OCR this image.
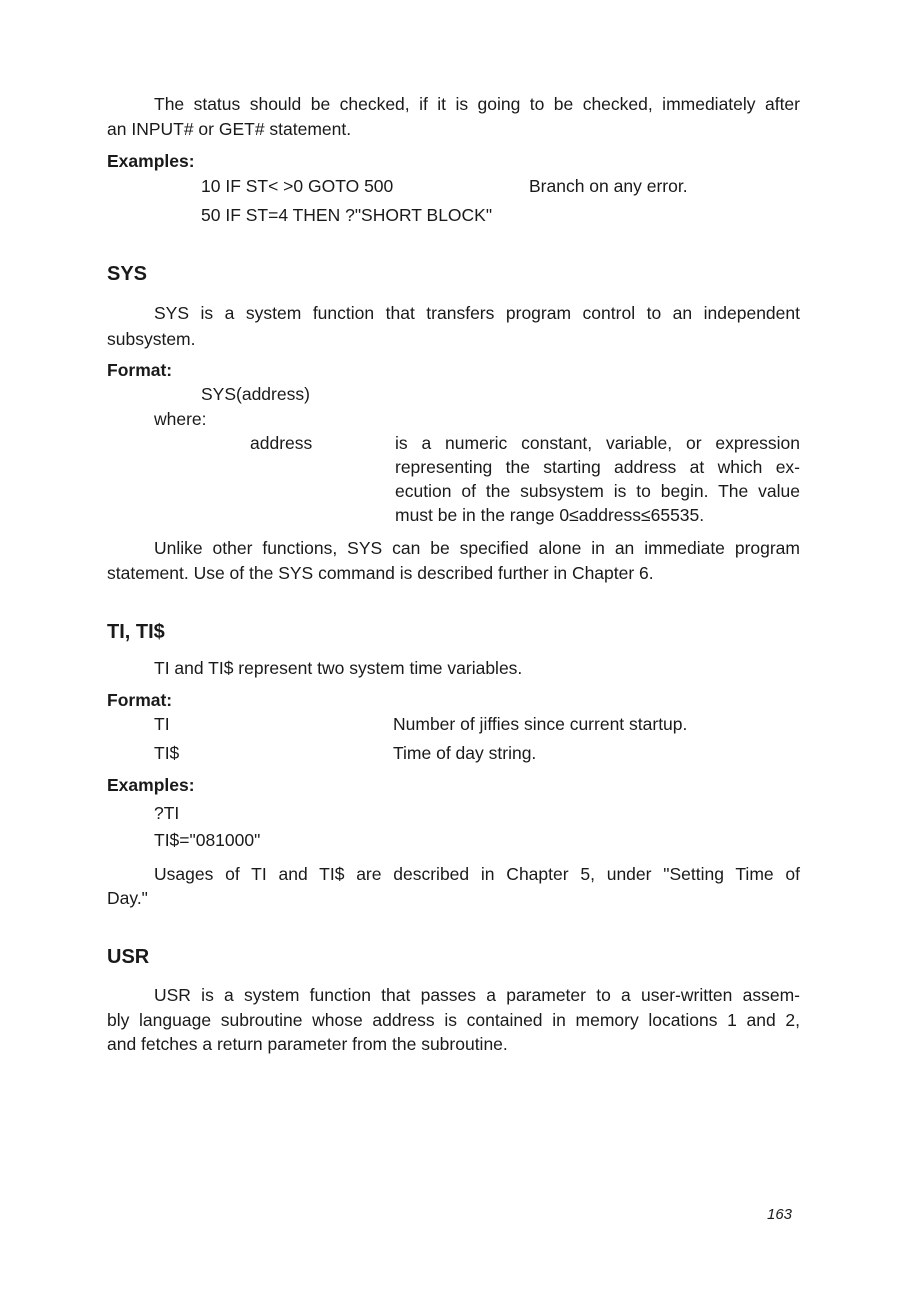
The status should be checked, if it is going to be checked, immediately after
an INPUT# or GET# statement.
Examples:
10 IF ST< >0 GOTO 500	Branch on any error.
50 IF ST=4 THEN ?"SHORT BLOCK"
SYS
SYS is a system function that transfers program control to an independent
subsystem.
Format:
SYS(address)
where:
address	is a numeric constant, variable, or expression
representing the starting address at which ex-
ecution of the subsystem is to begin. The value
must be in the range 0≤address≤65535.
Unlike other functions, SYS can be specified alone in an immediate program
statement. Use of the SYS command is described further in Chapter 6.
TI, TI$
TI and TI$ represent two system time variables.
Format:
TI	Number of jiffies since current startup.
TI$	Time of day string.
Examples:
?TI
TI$="081000"
Usages of TI and TI$ are described in Chapter 5, under "Setting Time of
Day."
USR
USR is a system function that passes a parameter to a user-written assem-
bly language subroutine whose address is contained in memory locations 1 and 2,
and fetches a return parameter from the subroutine.
163
